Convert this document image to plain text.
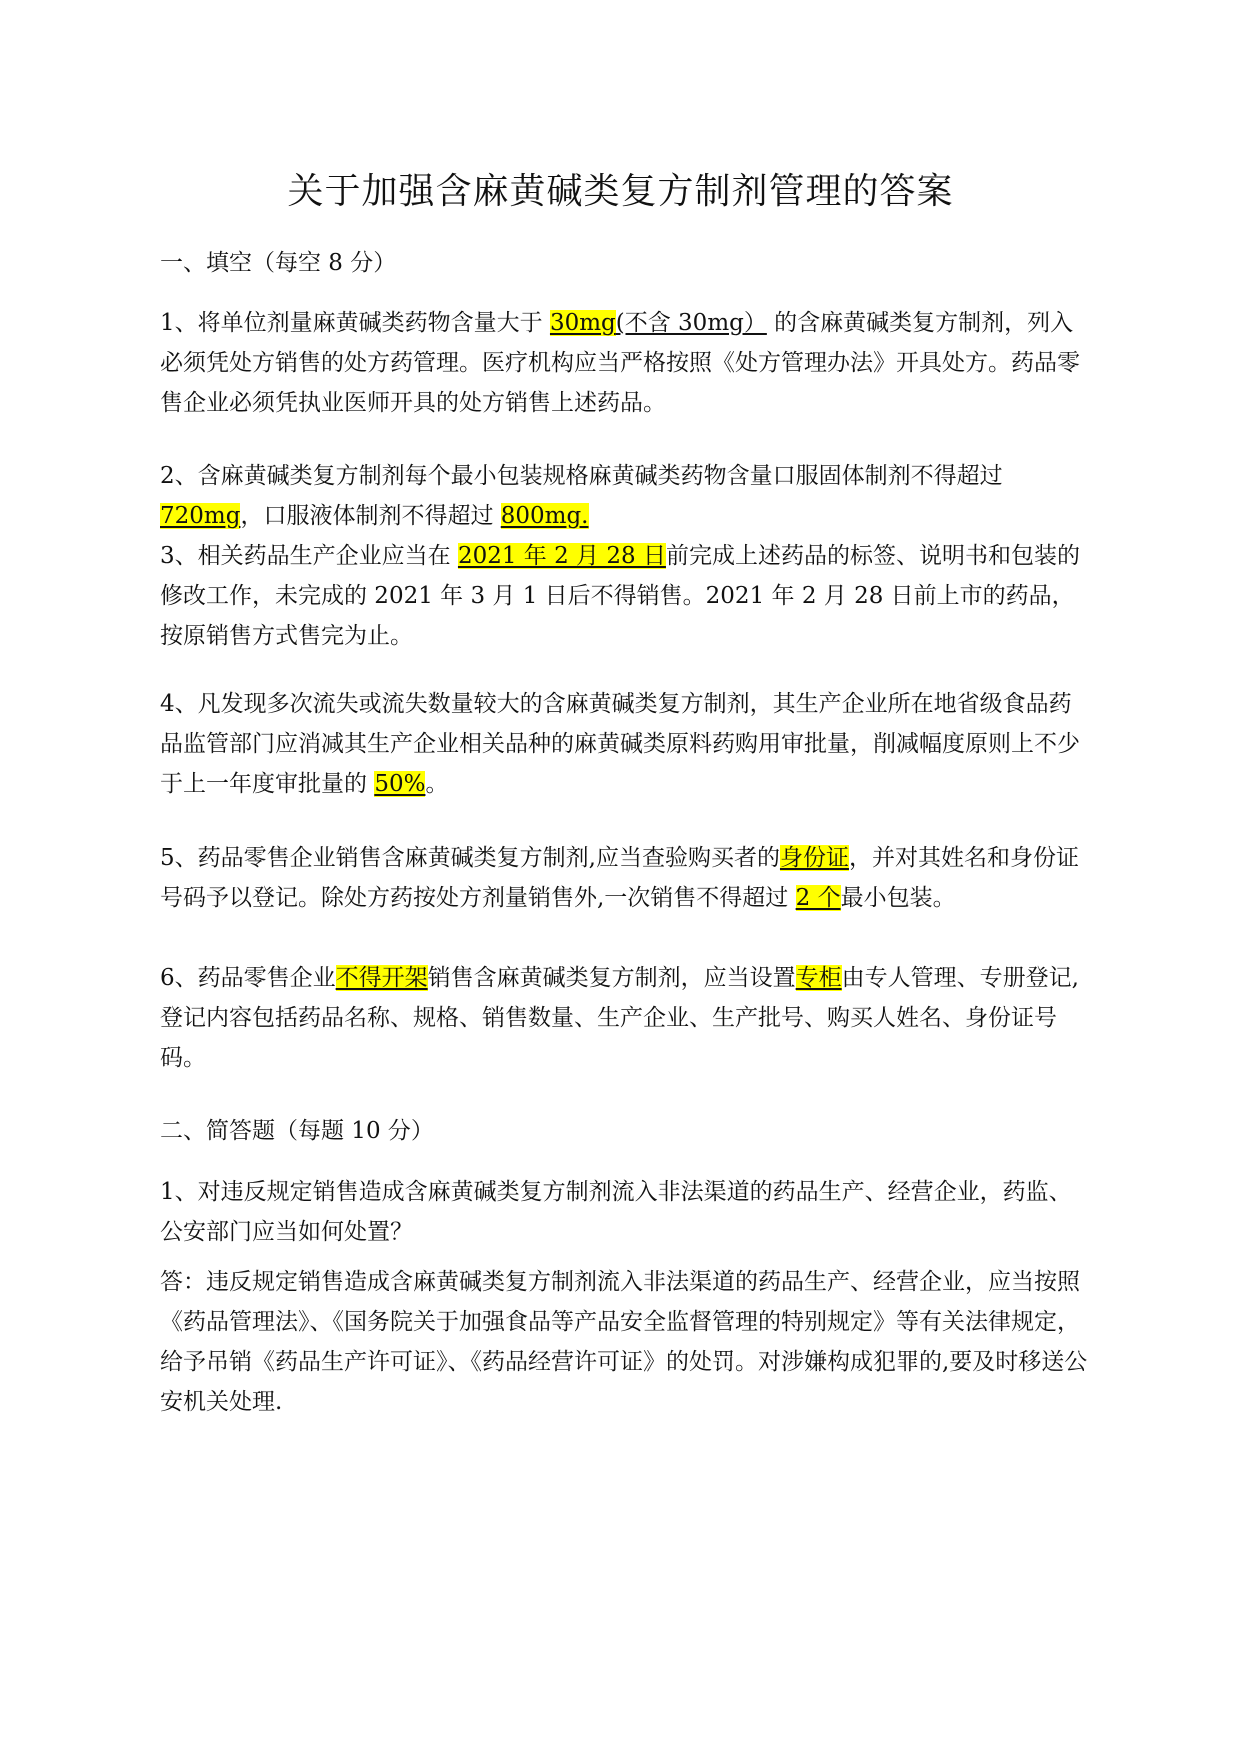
关于加强含麻黄碱类复方制剂管理的答案
一、填空（每空 8 分）
1、将单位剂量麻黄碱类药物含量大于 30mg(不含 30mg） 的含麻黄碱类复方制剂，列入必须凭处方销售的处方药管理。医疗机构应当严格按照《处方管理办法》开具处方。药品零售企业必须凭执业医师开具的处方销售上述药品。
2、含麻黄碱类复方制剂每个最小包装规格麻黄碱类药物含量口服固体制剂不得超过 720mg，口服液体制剂不得超过 800mg.
3、相关药品生产企业应当在 2021 年 2 月 28 日前完成上述药品的标签、说明书和包装的修改工作，未完成的 2021 年 3 月 1 日后不得销售。2021 年 2 月 28 日前上市的药品，按原销售方式售完为止。
4、凡发现多次流失或流失数量较大的含麻黄碱类复方制剂，其生产企业所在地省级食品药品监管部门应消减其生产企业相关品种的麻黄碱类原料药购用审批量，削减幅度原则上不少于上一年度审批量的 50%。
5、药品零售企业销售含麻黄碱类复方制剂,应当查验购买者的身份证，并对其姓名和身份证号码予以登记。除处方药按处方剂量销售外,一次销售不得超过 2 个最小包装。
6、药品零售企业不得开架销售含麻黄碱类复方制剂，应当设置专柜由专人管理、专册登记,登记内容包括药品名称、规格、销售数量、生产企业、生产批号、购买人姓名、身份证号码。
二、简答题（每题 10 分）
1、对违反规定销售造成含麻黄碱类复方制剂流入非法渠道的药品生产、经营企业，药监、公安部门应当如何处置？
答：违反规定销售造成含麻黄碱类复方制剂流入非法渠道的药品生产、经营企业，应当按照《药品管理法》、《国务院关于加强食品等产品安全监督管理的特别规定》等有关法律规定，给予吊销《药品生产许可证》、《药品经营许可证》的处罚。对涉嫌构成犯罪的,要及时移送公安机关处理.
